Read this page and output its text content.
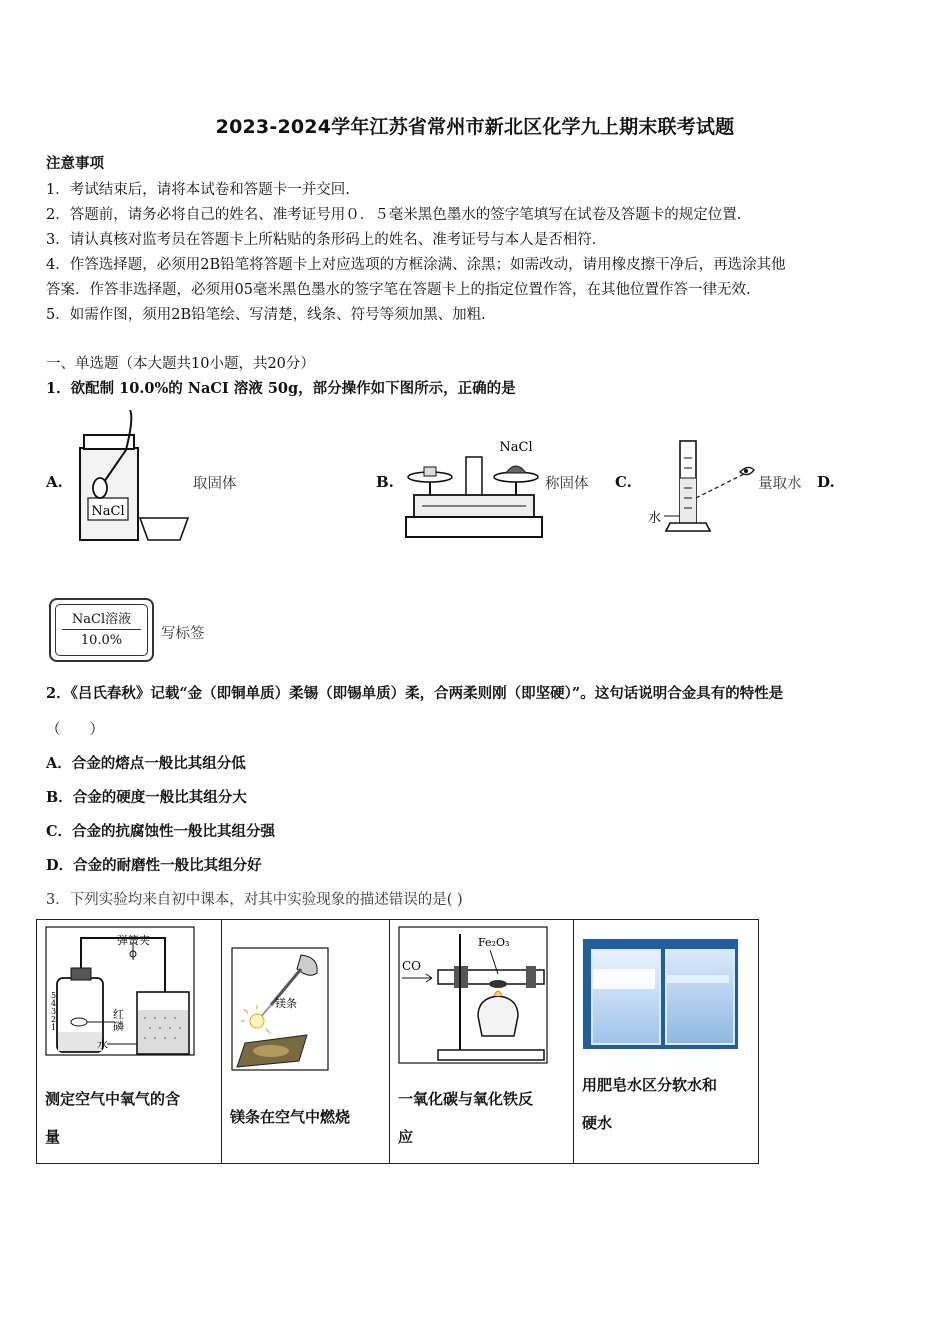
2023-2024学年江苏省常州市新北区化学九上期末联考试题
注意事项
1．考试结束后，请将本试卷和答题卡一并交回.
2．答题前，请务必将自己的姓名、准考证号用０．５毫米黑色墨水的签字笔填写在试卷及答题卡的规定位置.
3．请认真核对监考员在答题卡上所粘贴的条形码上的姓名、准考证号与本人是否相符.
4．作答选择题，必须用2B铅笔将答题卡上对应选项的方框涂满、涂黑；如需改动，请用橡皮擦干净后，再选涂其他
答案．作答非选择题，必须用05毫米黑色墨水的签字笔在答题卡上的指定位置作答，在其他位置作答一律无效.
5．如需作图，须用2B铅笔绘、写清楚，线条、符号等须加黑、加粗.
一、单选题（本大题共10小题，共20分）
1．欲配制 10.0%的 NaCI 溶液 50g，部分操作如下图所示，正确的是
A.
NaCl
取固体	B.
NaCl
称固体 C.
水
量取水 D.
NaCl溶液
10.0%	写标签
2．《吕氏春秋》记载“金（即铜单质）柔锡（即锡单质）柔，合两柔则刚（即坚硬）”。这句话说明合金具有的特性是
（　　）
A．合金的熔点一般比其组分低
B．合金的硬度一般比其组分大
C．合金的抗腐蚀性一般比其组分强
D．合金的耐磨性一般比其组分好
3．下列实验均来自初中课本，对其中实验现象的描述错误的是( )
弹簧夹
5
4
3
2
1
红
磷
水
测定空气中氧气的含
量

镁条
镁条在空气中燃烧

CO
Fe₂O₃
一氧化碳与氧化铁反
应

用肥皂水区分软水和
硬水
